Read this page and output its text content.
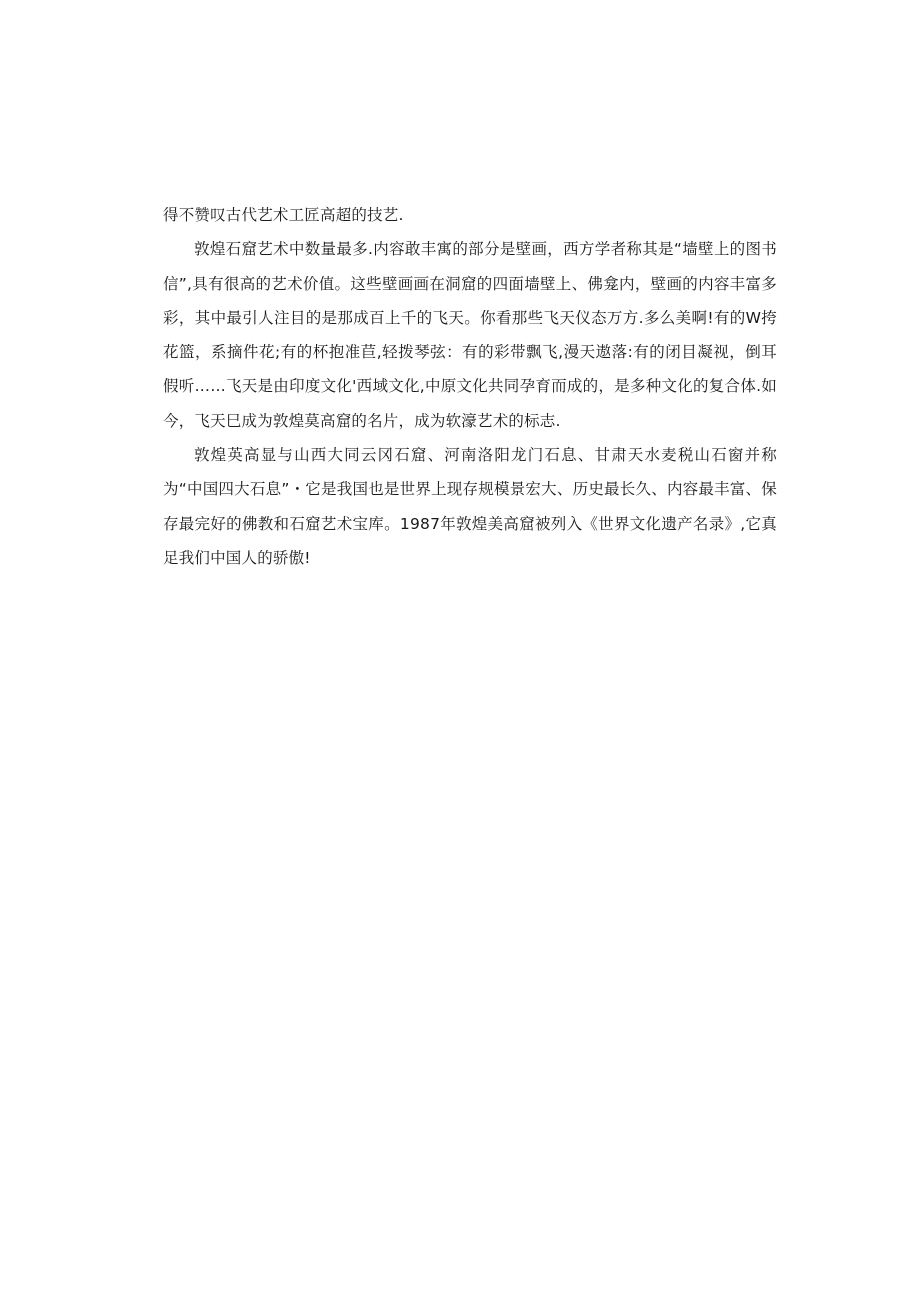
得不赞叹古代艺术工匠高超的技艺.

敦煌石窟艺术中数量最多.内容敢丰寓的部分是壁画，西方学者称其是“墙壁上的图书信”,具有很高的艺术价值。这些壁画画在洞窟的四面墙壁上、佛龛内，壁画的内容丰富多彩，其中最引人注目的是那成百上千的飞天。你看那些飞天仪态万方.多么美啊!有的W挎花篮，系摘件花;有的杯抱准苣,轻拨琴弦：有的彩带飘飞,漫天遨落:有的闭目凝视，倒耳假听……飞天是由印度文化'西域文化,中原文化共同孕育而成的，是多种文化的复合体.如今，飞天巳成为敦煌莫高窟的名片，成为软濠艺术的标志.

敦煌英高显与山西大同云冈石窟、河南洛阳龙门石息、甘肃天水麦税山石窗并称为“中国四大石息”・它是我国也是世界上现存规模景宏大、历史最长久、内容最丰富、保存最完好的佛教和石窟艺术宝库。1987年敦煌美高窟被列入《世界文化遗产名录》,它真足我们中国人的骄傲!
